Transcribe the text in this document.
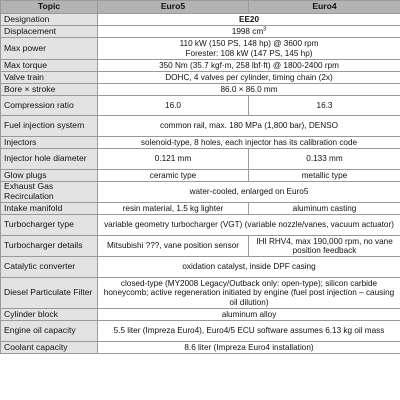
Topic	Euro5	Euro4
Designation	EE20	
Displacement	1998 $cm^3$
Max power	110 kW (150 PS, 148 hp) @ 3600 rpm
Forester: 108 kW (147 PS, 145 hp)	

Max torque	350 Nm (35.7 kgf·m, 258 lbf·ft) @ 1800-2400 rpm	
Valve train	DOHC, 4 valves per cylinder, timing chain (2x)	
Bore × stroke	86.0 × 86.0 mm	
Compression ratio	16.0	16.3
Fuel injection system	common rail, max. 180 MPa (1,800 bar), DENSO	
Injectors	solenoid-type, 8 holes, each injector has its calibration code	
Injector hole diameter	0.121 mm	0.133 mm
Glow plugs	ceramic type	metallic type
Exhaust Gas Recirculation	water-cooled, enlarged on Euro5	
Intake manifold	resin material, 1.5 kg lighter	aluminum casting
Turbocharger type	variable geometry turbocharger (VGT) (variable nozzle/vanes, vacuum actuator)	
Turbocharger details	Mitsubishi ???, vane position sensor	IHI RHV4, max 190,000 rpm, no vane position feedback
Catalytic converter	oxidation catalyst, inside DPF casing	
Diesel Particulate Filter	closed-type (MY2008 Legacy/Outback only: open-type); silicon carbide honeycomb; active regeneration initiated by engine (fuel post injection – causing oil dilution)	
Cylinder block	aluminum alloy	
Engine oil capacity	5.5 liter (Impreza Euro4), Euro4/5 ECU software assumes 6.13 kg oil mass	
Coolant capacity	8.6 liter (Impreza Euro4 installation)	
